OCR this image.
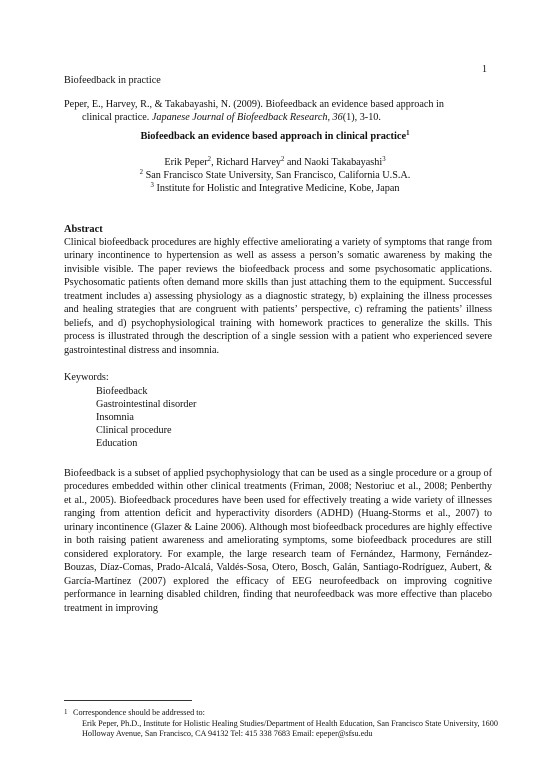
1
Biofeedback in practice
Peper, E., Harvey, R., & Takabayashi, N. (2009). Biofeedback an evidence based approach in
clinical practice. Japanese Journal of Biofeedback Research, 36(1), 3-10.
Biofeedback an evidence based approach in clinical practice$^1$
Erik Peper$^2$, Richard Harvey$^2$ and Naoki Takabayashi$^3$
$^2$ San Francisco State University, San Francisco, California U.S.A.
$^3$ Institute for Holistic and Integrative Medicine, Kobe, Japan
Abstract
Clinical biofeedback procedures are highly effective ameliorating a variety of symptoms that range from urinary incontinence to hypertension as well as assess a person’s somatic awareness by making the invisible visible. The paper reviews the biofeedback process and some psychosomatic applications. Psychosomatic patients often demand more skills than just attaching them to the equipment. Successful treatment includes a) assessing physiology as a diagnostic strategy, b) explaining the illness processes and healing strategies that are congruent with patients’ perspective, c) reframing the patients’ illness beliefs, and d) psychophysiological training with homework practices to generalize the skills. This process is illustrated through the description of a single session with a patient who experienced severe gastrointestinal distress and insomnia.
Keywords:
Biofeedback
Gastrointestinal disorder
Insomnia
Clinical procedure
Education
Biofeedback is a subset of applied psychophysiology that can be used as a single procedure or a group of procedures embedded within other clinical treatments (Friman, 2008; Nestoriuc et al., 2008; Penberthy et al., 2005). Biofeedback procedures have been used for effectively treating a wide variety of illnesses ranging from attention deficit and hyperactivity disorders (ADHD) (Huang-Storms et al., 2007) to urinary incontinence (Glazer & Laine 2006). Although most biofeedback procedures are highly effective in both raising patient awareness and ameliorating symptoms, some biofeedback procedures are still considered exploratory. For example, the large research team of Fernández, Harmony, Fernández-Bouzas, Díaz-Comas, Prado-Alcalá, Valdés-Sosa, Otero, Bosch, Galán, Santiago-Rodríguez, Aubert, & García-Martínez (2007) explored the efficacy of EEG neurofeedback on improving cognitive performance in learning disabled children, finding that neurofeedback was more effective than placebo treatment in improving
1 Correspondence should be addressed to:
Erik Peper, Ph.D., Institute for Holistic Healing Studies/Department of Health Education, San Francisco State University, 1600 Holloway Avenue, San Francisco, CA 94132 Tel: 415 338 7683 Email: epeper@sfsu.edu
